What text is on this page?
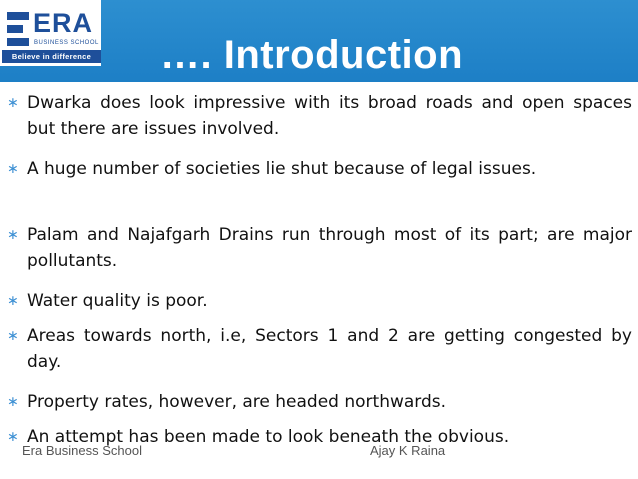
ERA
BUSINESS SCHOOL
Believe in difference …. Introduction
∗ Dwarka does look impressive with its broad roads and open spaces but there are issues involved.
∗ A huge number of societies lie shut because of legal issues.
∗ Palam and Najafgarh Drains run through most of its part; are major pollutants.
∗ Water quality is poor.
∗ Areas towards north, i.e, Sectors 1 and 2 are getting congested by day.
∗ Property rates, however, are headed northwards.
∗ An attempt has been made to look beneath the obvious.
Era Business School	Ajay K Raina
